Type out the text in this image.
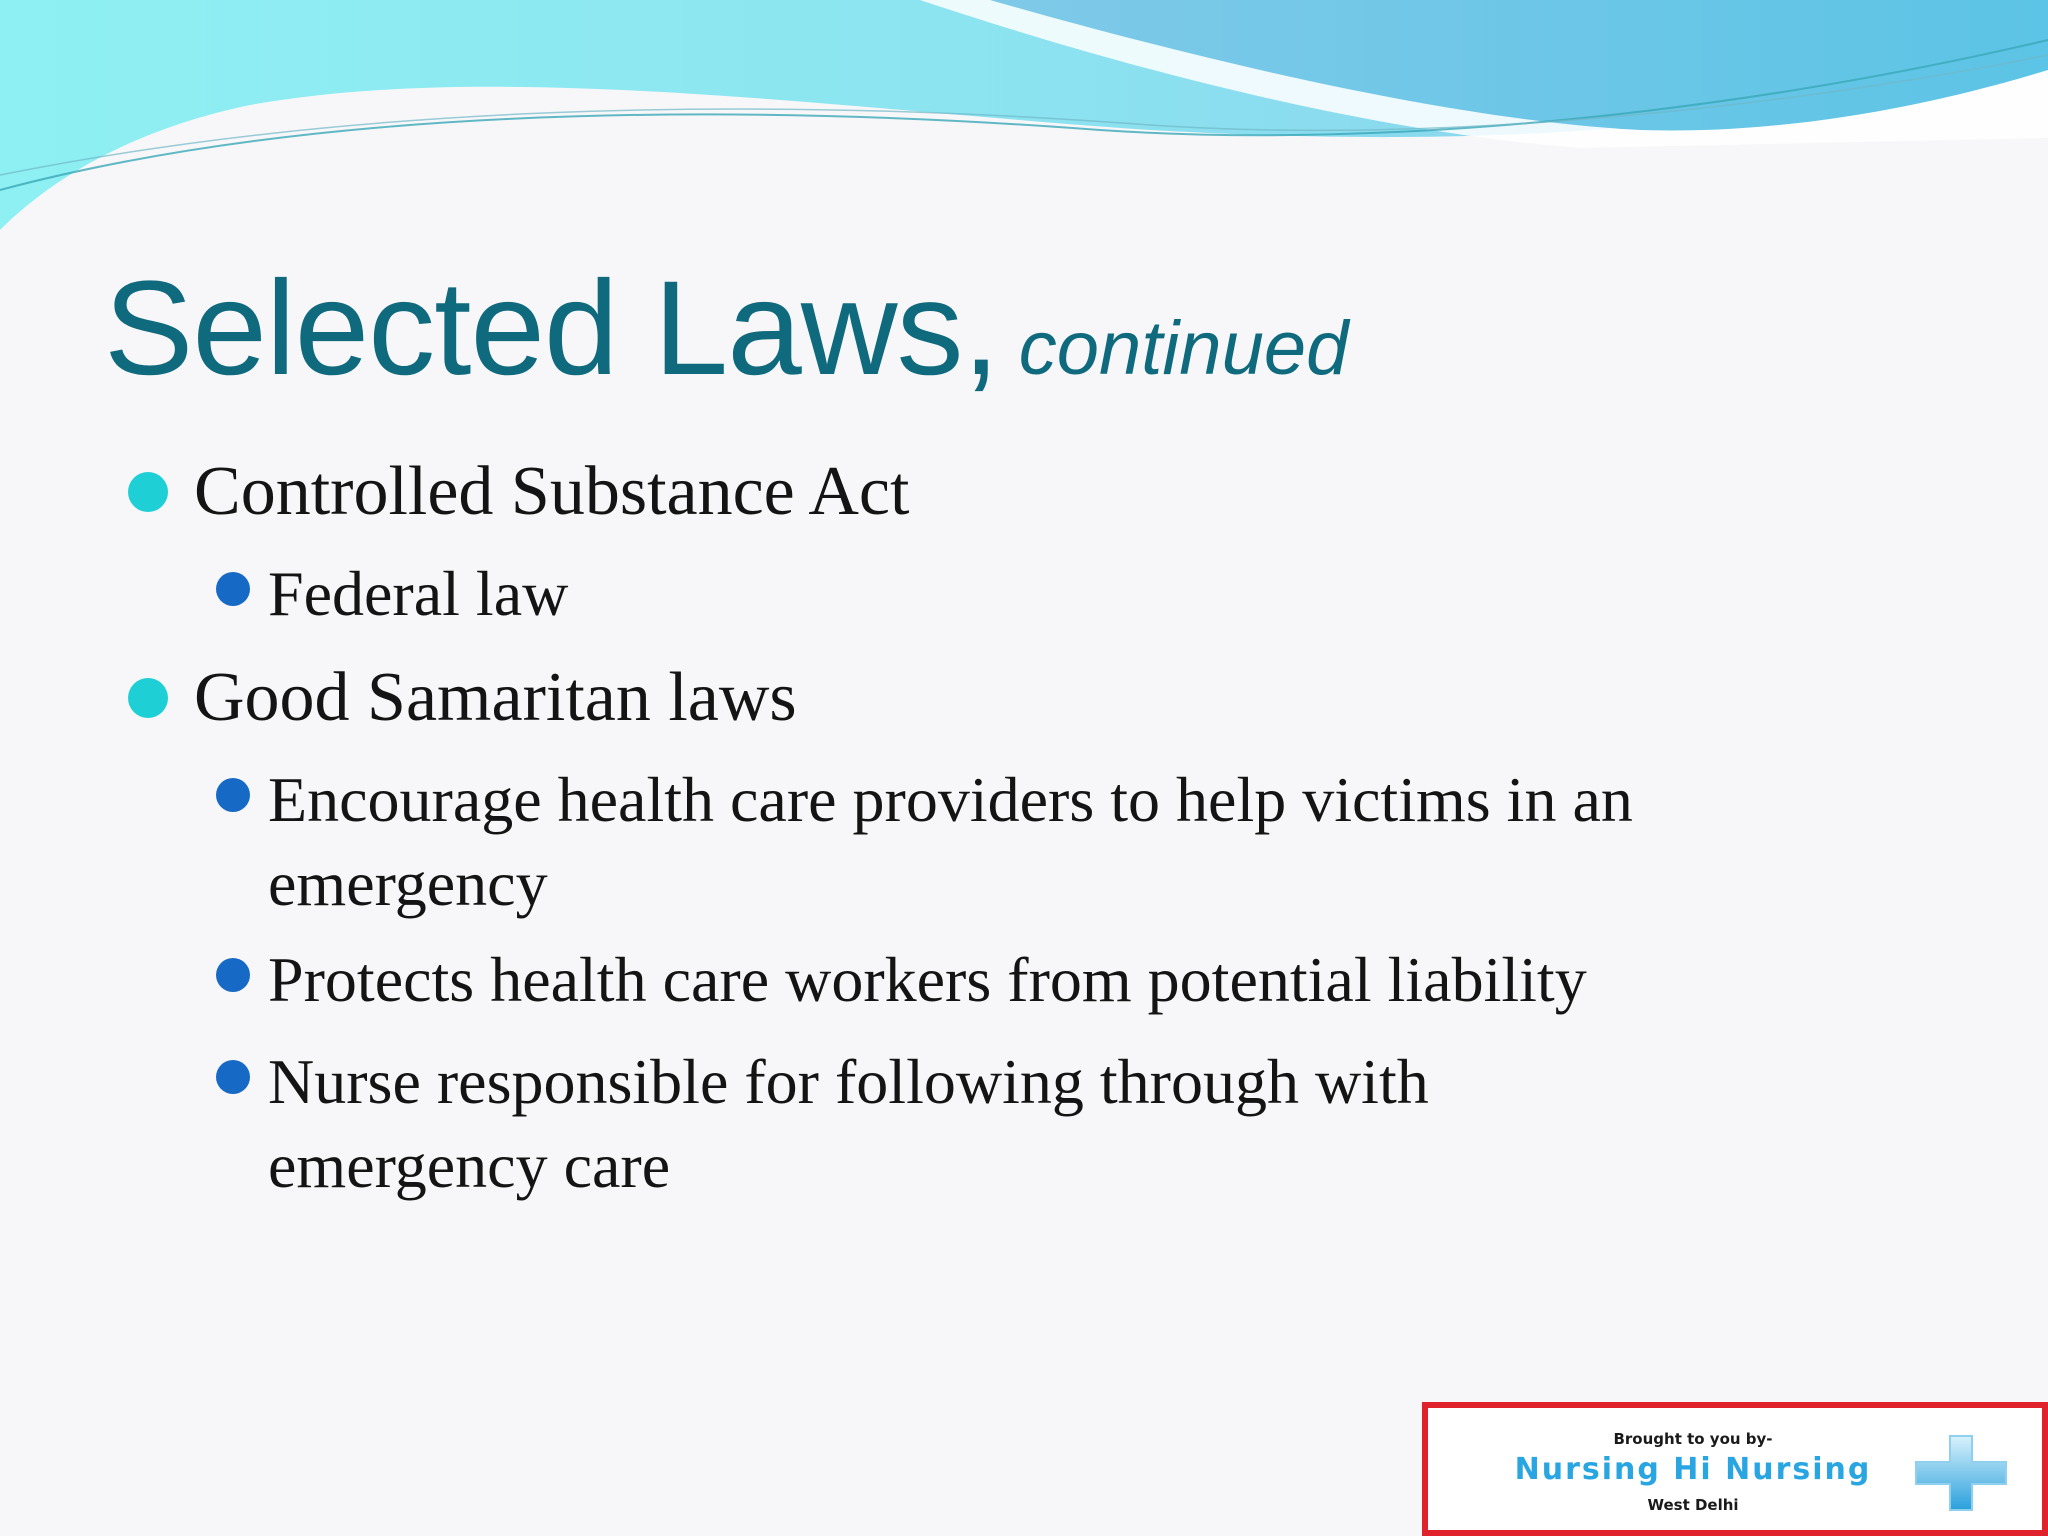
Selected Laws, continued
Controlled Substance Act
Federal law
Good Samaritan laws
Encourage health care providers to help victims in an emergency
Protects health care workers from potential liability
Nurse responsible for following through with emergency care
Brought to you by-
Nursing Hi Nursing
West Delhi
